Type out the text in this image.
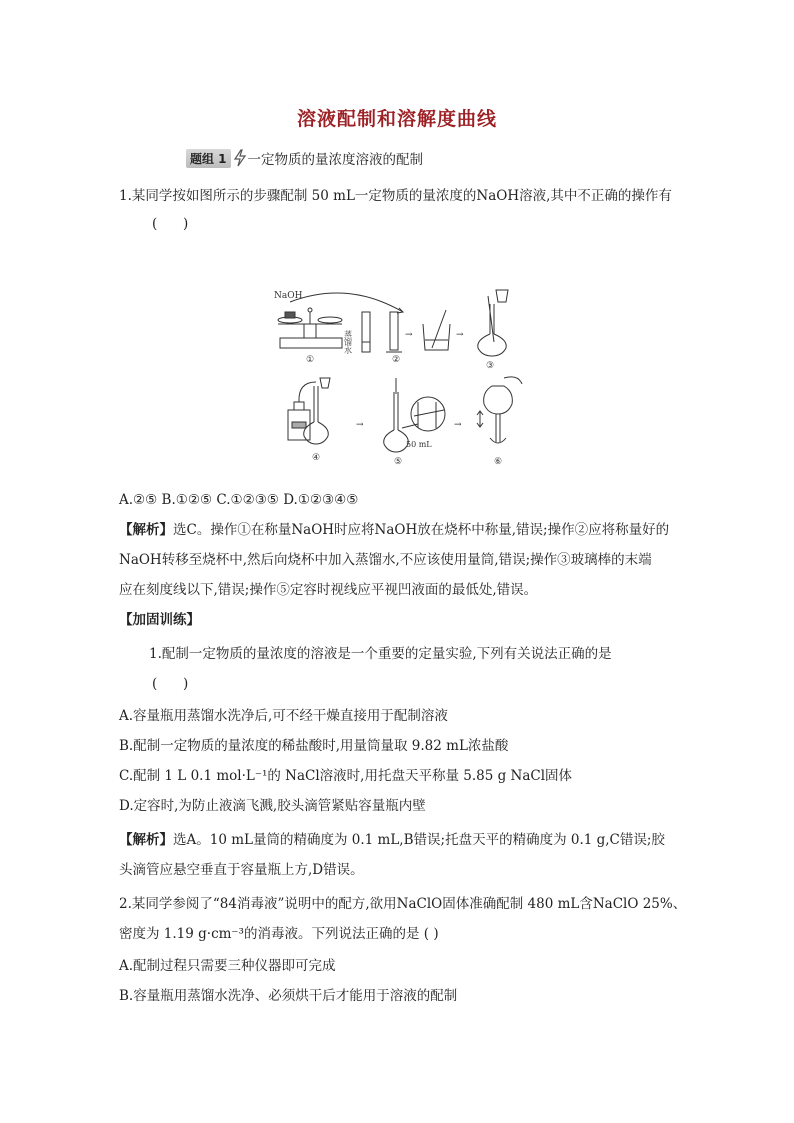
溶液配制和溶解度曲线
题组 1 一定物质的量浓度溶液的配制
1.某同学按如图所示的步骤配制 50 mL一定物质的量浓度的NaOH溶液,其中不正确的操作有
(      )
NaOH
①
蒸馏水
②
→	→
③
④
→
50 mL
⑤
→
⑥
A.②⑤ B.①②⑤ C.①②③⑤ D.①②③④⑤
【解析】选C。操作①在称量NaOH时应将NaOH放在烧杯中称量,错误;操作②应将称量好的
NaOH转移至烧杯中,然后向烧杯中加入蒸馏水,不应该使用量筒,错误;操作③玻璃棒的末端
应在刻度线以下,错误;操作⑤定容时视线应平视凹液面的最低处,错误。
【加固训练】
1.配制一定物质的量浓度的溶液是一个重要的定量实验,下列有关说法正确的是
(      )
A.容量瓶用蒸馏水洗净后,可不经干燥直接用于配制溶液
B.配制一定物质的量浓度的稀盐酸时,用量筒量取 9.82 mL浓盐酸
C.配制 1 L 0.1 mol·L⁻¹的 NaCl溶液时,用托盘天平称量 5.85 g NaCl固体
D.定容时,为防止液滴飞溅,胶头滴管紧贴容量瓶内壁
【解析】选A。10 mL量筒的精确度为 0.1 mL,B错误;托盘天平的精确度为 0.1 g,C错误;胶
头滴管应悬空垂直于容量瓶上方,D错误。
2.某同学参阅了“84消毒液”说明中的配方,欲用NaClO固体准确配制 480 mL含NaClO 25%、
密度为 1.19 g·cm⁻³的消毒液。下列说法正确的是 ( )
A.配制过程只需要三种仪器即可完成
B.容量瓶用蒸馏水洗净、必须烘干后才能用于溶液的配制
